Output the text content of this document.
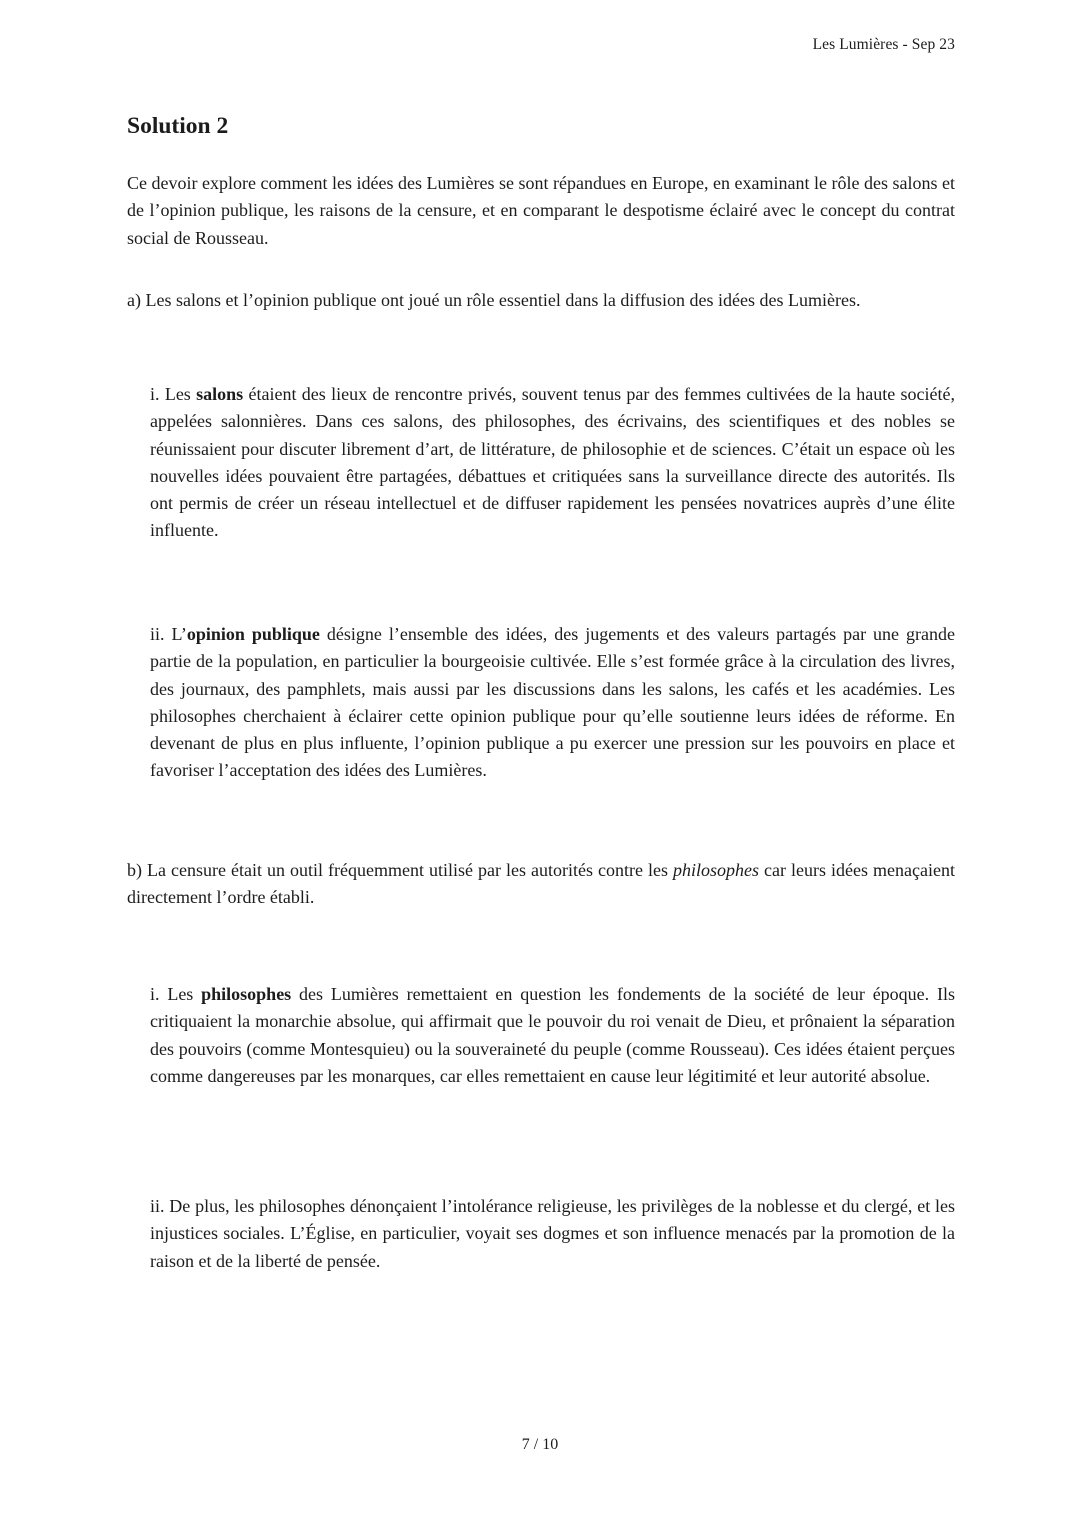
Les Lumières - Sep 23
Solution 2

Ce devoir explore comment les idées des Lumières se sont répandues en Europe, en examinant le rôle des salons et de l’opinion publique, les raisons de la censure, et en comparant le despotisme éclairé avec le concept du contrat social de Rousseau.

a) Les salons et l’opinion publique ont joué un rôle essentiel dans la diffusion des idées des Lumières.

i. Les salons étaient des lieux de rencontre privés, souvent tenus par des femmes cultivées de la haute société, appelées salonnières. Dans ces salons, des philosophes, des écrivains, des scientifiques et des nobles se réunissaient pour discuter librement d’art, de littérature, de philosophie et de sciences. C’était un espace où les nouvelles idées pouvaient être partagées, débattues et critiquées sans la surveillance directe des autorités. Ils ont permis de créer un réseau intellectuel et de diffuser rapidement les pensées novatrices auprès d’une élite influente.

ii. L’opinion publique désigne l’ensemble des idées, des jugements et des valeurs partagés par une grande partie de la population, en particulier la bourgeoisie cultivée. Elle s’est formée grâce à la circulation des livres, des journaux, des pamphlets, mais aussi par les discussions dans les salons, les cafés et les académies. Les philosophes cherchaient à éclairer cette opinion publique pour qu’elle soutienne leurs idées de réforme. En devenant de plus en plus influente, l’opinion publique a pu exercer une pression sur les pouvoirs en place et favoriser l’acceptation des idées des Lumières.

b) La censure était un outil fréquemment utilisé par les autorités contre les philosophes car leurs idées menaçaient directement l’ordre établi.

i. Les philosophes des Lumières remettaient en question les fondements de la société de leur époque. Ils critiquaient la monarchie absolue, qui affirmait que le pouvoir du roi venait de Dieu, et prônaient la séparation des pouvoirs (comme Montesquieu) ou la souveraineté du peuple (comme Rousseau). Ces idées étaient perçues comme dangereuses par les monarques, car elles remettaient en cause leur légitimité et leur autorité absolue.

ii. De plus, les philosophes dénonçaient l’intolérance religieuse, les privilèges de la noblesse et du clergé, et les injustices sociales. L’Église, en particulier, voyait ses dogmes et son influence menacés par la promotion de la raison et de la liberté de pensée.

7 / 10
